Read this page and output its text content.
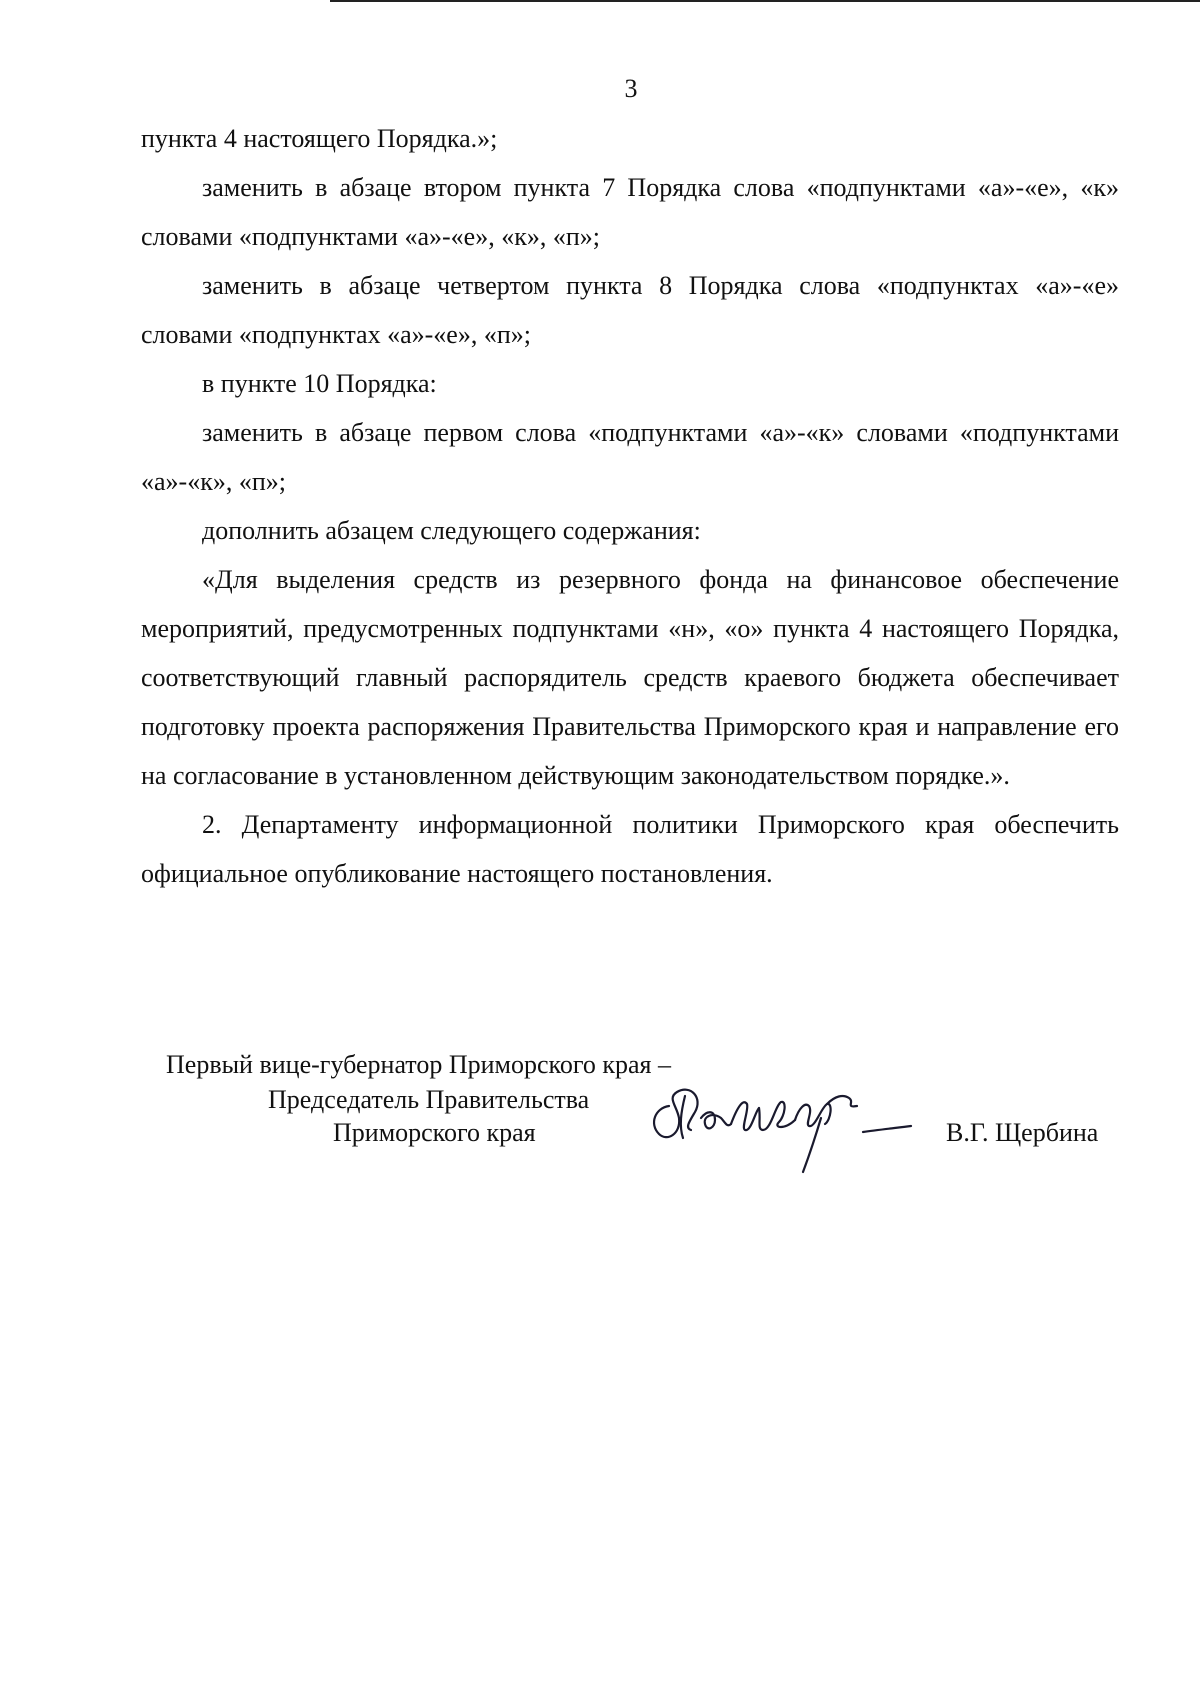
3

пункта 4 настоящего Порядка.»;

заменить в абзаце втором пункта 7 Порядка слова «подпунктами «а»-«е», «к» словами «подпунктами «а»-«е», «к», «п»;

заменить в абзаце четвертом пункта 8 Порядка слова «подпунктах «а»-«е» словами «подпунктах «а»-«е», «п»;

в пункте 10 Порядка:

заменить в абзаце первом слова «подпунктами «а»-«к» словами «подпунктами «а»-«к», «п»;

дополнить абзацем следующего содержания:

«Для выделения средств из резервного фонда на финансовое обеспечение мероприятий, предусмотренных подпунктами «н», «о» пункта 4 настоящего Порядка, соответствующий главный распорядитель средств краевого бюджета обеспечивает подготовку проекта распоряжения Правительства Приморского края и направление его на согласование в установленном действующим законодательством порядке.».

2. Департаменту информационной политики Приморского края обеспечить официальное опубликование настоящего постановления.

Первый вице-губернатор Приморского края –
Председатель Правительства
Приморского края	В.Г. Щербина
